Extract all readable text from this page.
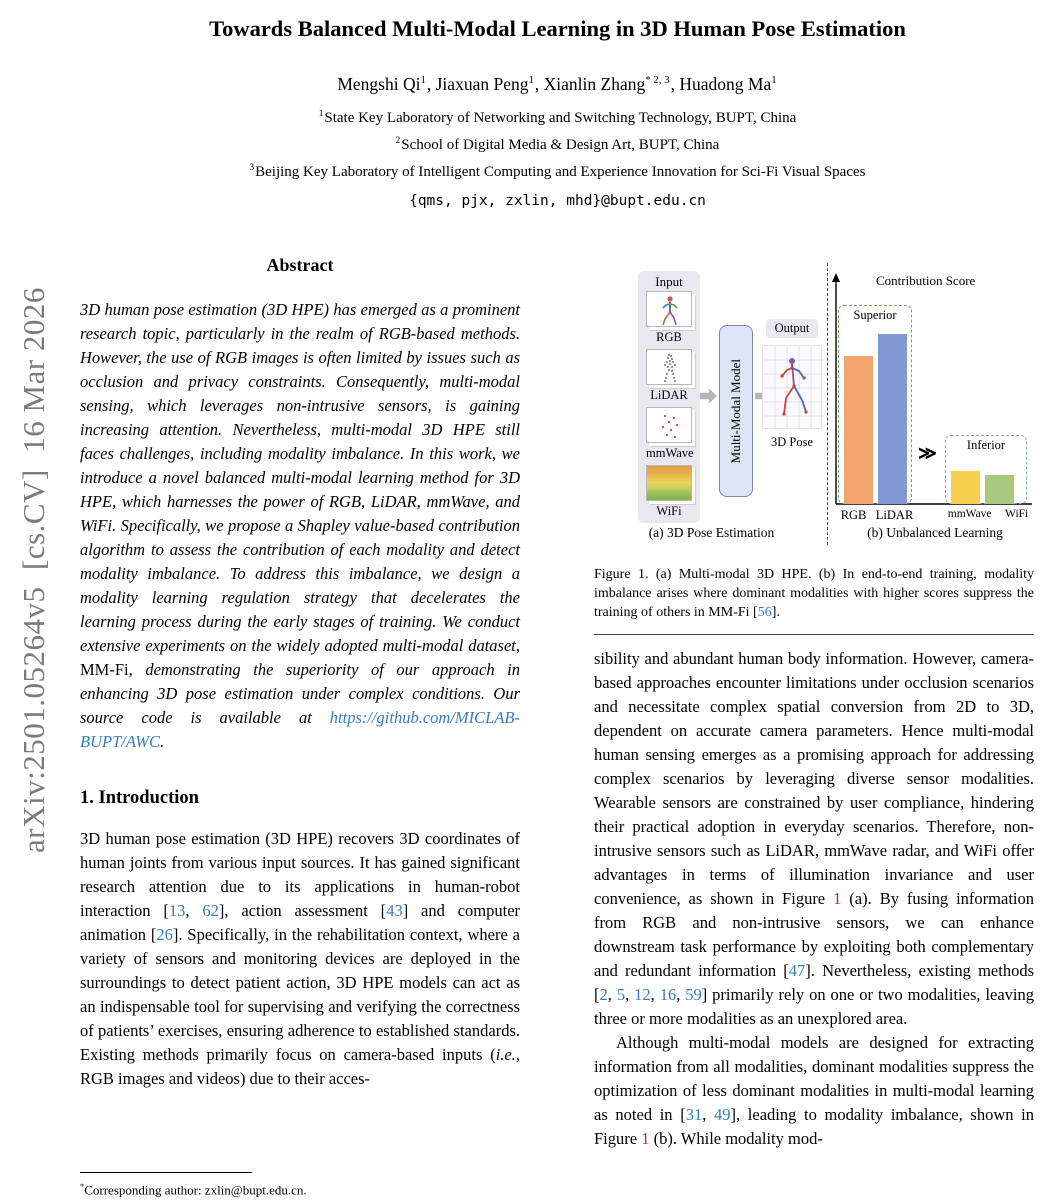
arXiv:2501.05264v5  [cs.CV]  16 Mar 2026
Towards Balanced Multi-Modal Learning in 3D Human Pose Estimation
Mengshi Qi$^1$, Jiaxuan Peng$^1$, Xianlin Zhang$^{* 2, 3}$, Huadong Ma$^1$
$^1$State Key Laboratory of Networking and Switching Technology, BUPT, China
$^2$School of Digital Media & Design Art, BUPT, China
$^3$Beijing Key Laboratory of Intelligent Computing and Experience Innovation for Sci-Fi Visual Spaces
{qms, pjx, zxlin, mhd}@bupt.edu.cn
Abstract

3D human pose estimation (3D HPE) has emerged as a prominent research topic, particularly in the realm of RGB-based methods. However, the use of RGB images is often limited by issues such as occlusion and privacy constraints. Consequently, multi-modal sensing, which leverages non-intrusive sensors, is gaining increasing attention. Nevertheless, multi-modal 3D HPE still faces challenges, including modality imbalance. In this work, we introduce a novel balanced multi-modal learning method for 3D HPE, which harnesses the power of RGB, LiDAR, mmWave, and WiFi. Specifically, we propose a Shapley value-based contribution algorithm to assess the contribution of each modality and detect modality imbalance. To address this imbalance, we design a modality learning regulation strategy that decelerates the learning process during the early stages of training. We conduct extensive experiments on the widely adopted multi-modal dataset, MM-Fi, demonstrating the superiority of our approach in enhancing 3D pose estimation under complex conditions. Our source code is available at https://github.com/MICLAB-BUPT/AWC.

1. Introduction

3D human pose estimation (3D HPE) recovers 3D coordinates of human joints from various input sources. It has gained significant research attention due to its applications in human-robot interaction [13, 62], action assessment [43] and computer animation [26]. Specifically, in the rehabilitation context, where a variety of sensors and monitoring devices are deployed in the surroundings to detect patient action, 3D HPE models can act as an indispensable tool for supervising and verifying the correctness of patients’ exercises, ensuring adherence to established standards. Existing methods primarily focus on camera-based inputs (i.e., RGB images and videos) due to their acces-

Input
RGB
LiDAR
mmWave
WiFi
Multi-Modal Model
Output
3D Pose
(a) 3D Pose Estimation
Contribution Score
Superior
Inferior
≫
RGB LiDAR	mmWave WiFi
(b) Unbalanced Learning

Figure 1. (a) Multi-modal 3D HPE. (b) In end-to-end training, modality imbalance arises where dominant modalities with higher scores suppress the training of others in MM-Fi [56].

sibility and abundant human body information. However, camera-based approaches encounter limitations under occlusion scenarios and necessitate complex spatial conversion from 2D to 3D, dependent on accurate camera parameters. Hence multi-modal human sensing emerges as a promising approach for addressing complex scenarios by leveraging diverse sensor modalities. Wearable sensors are constrained by user compliance, hindering their practical adoption in everyday scenarios. Therefore, non-intrusive sensors such as LiDAR, mmWave radar, and WiFi offer advantages in terms of illumination invariance and user convenience, as shown in Figure 1 (a). By fusing information from RGB and non-intrusive sensors, we can enhance downstream task performance by exploiting both complementary and redundant information [47]. Nevertheless, existing methods [2, 5, 12, 16, 59] primarily rely on one or two modalities, leaving three or more modalities as an unexplored area.

Although multi-modal models are designed for extracting information from all modalities, dominant modalities suppress the optimization of less dominant modalities in multi-modal learning as noted in [31, 49], leading to modality imbalance, shown in Figure 1 (b). While modality mod-

*Corresponding author: zxlin@bupt.edu.cn.
